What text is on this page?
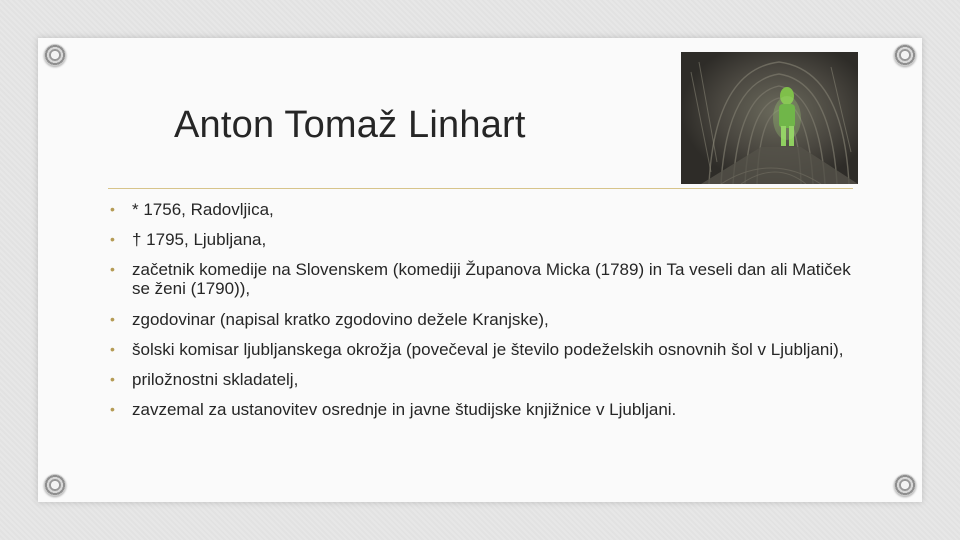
Anton Tomaž Linhart
• * 1756, Radovljica,
• † 1795, Ljubljana,
• začetnik komedije na Slovenskem (komediji Županova Micka (1789) in Ta veseli dan ali Matiček se ženi (1790)),
• zgodovinar (napisal kratko zgodovino dežele Kranjske),
• šolski komisar ljubljanskega okrožja (povečeval je število podeželskih osnovnih šol v Ljubljani),
• priložnostni skladatelj,
• zavzemal za ustanovitev osrednje in javne študijske knjižnice v Ljubljani.
